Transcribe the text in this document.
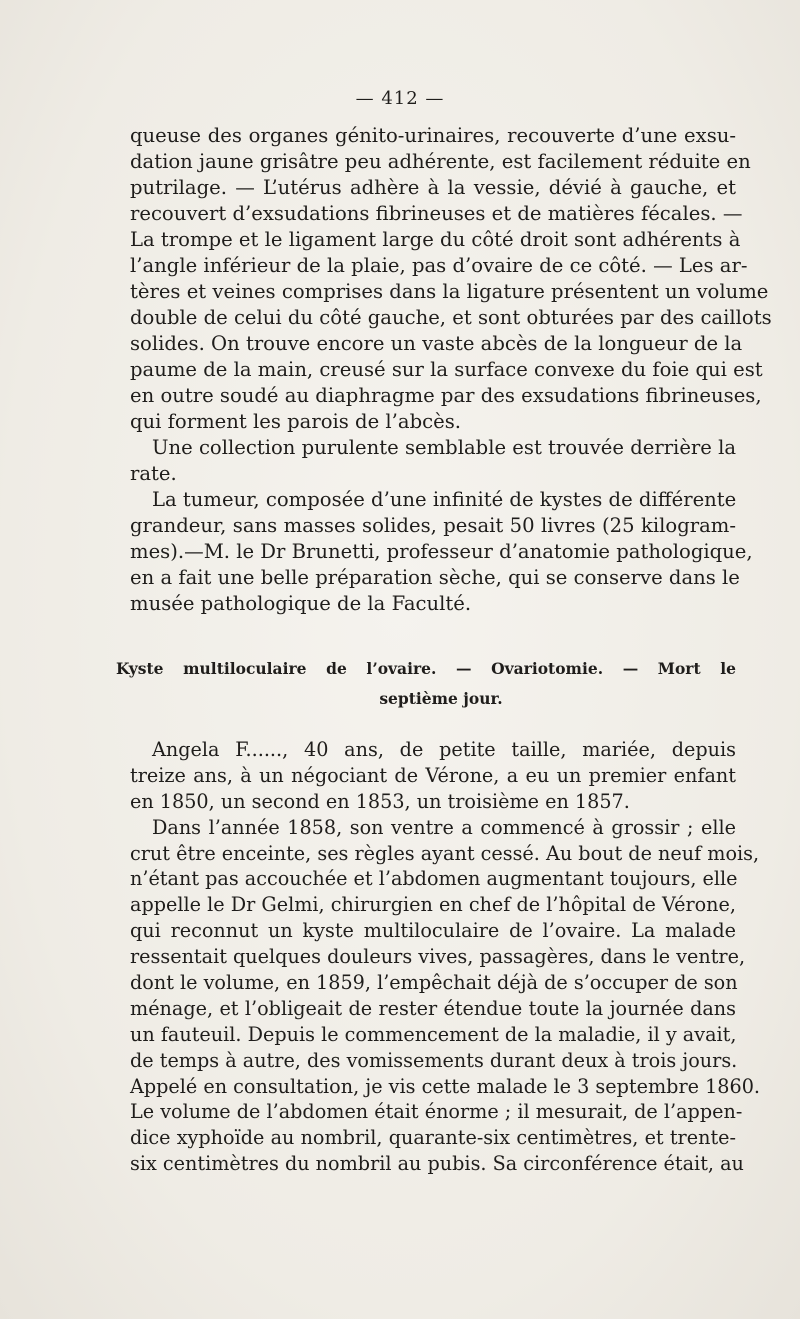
— 412 —
queuse des organes génito-urinaires, recouverte d’une exsu-
dation jaune grisâtre peu adhérente, est facilement réduite en
putrilage. — L’utérus adhère à la vessie, dévié à gauche, et
recouvert d’exsudations fibrineuses et de matières fécales. —
La trompe et le ligament large du côté droit sont adhérents à
l’angle inférieur de la plaie, pas d’ovaire de ce côté. — Les ar-
tères et veines comprises dans la ligature présentent un volume
double de celui du côté gauche, et sont obturées par des caillots
solides. On trouve encore un vaste abcès de la longueur de la
paume de la main, creusé sur la surface convexe du foie qui est
en outre soudé au diaphragme par des exsudations fibrineuses,
qui forment les parois de l’abcès.
Une collection purulente semblable est trouvée derrière la
rate.
La tumeur, composée d’une infinité de kystes de différente
grandeur, sans masses solides, pesait 50 livres (25 kilogram-
mes).—M. le Dr Brunetti, professeur d’anatomie pathologique,
en a fait une belle préparation sèche, qui se conserve dans le
musée pathologique de la Faculté.
Kyste multiloculaire de l’ovaire. — Ovariotomie. — Mort le
septième jour.
Angela F......, 40 ans, de petite taille, mariée, depuis
treize ans, à un négociant de Vérone, a eu un premier enfant
en 1850, un second en 1853, un troisième en 1857.
Dans l’année 1858, son ventre a commencé à grossir ; elle
crut être enceinte, ses règles ayant cessé. Au bout de neuf mois,
n’étant pas accouchée et l’abdomen augmentant toujours, elle
appelle le Dr Gelmi, chirurgien en chef de l’hôpital de Vérone,
qui reconnut un kyste multiloculaire de l’ovaire. La malade
ressentait quelques douleurs vives, passagères, dans le ventre,
dont le volume, en 1859, l’empêchait déjà de s’occuper de son
ménage, et l’obligeait de rester étendue toute la journée dans
un fauteuil. Depuis le commencement de la maladie, il y avait,
de temps à autre, des vomissements durant deux à trois jours.
Appelé en consultation, je vis cette malade le 3 septembre 1860.
Le volume de l’abdomen était énorme ; il mesurait, de l’appen-
dice xyphoïde au nombril, quarante-six centimètres, et trente-
six centimètres du nombril au pubis. Sa circonférence était, au
